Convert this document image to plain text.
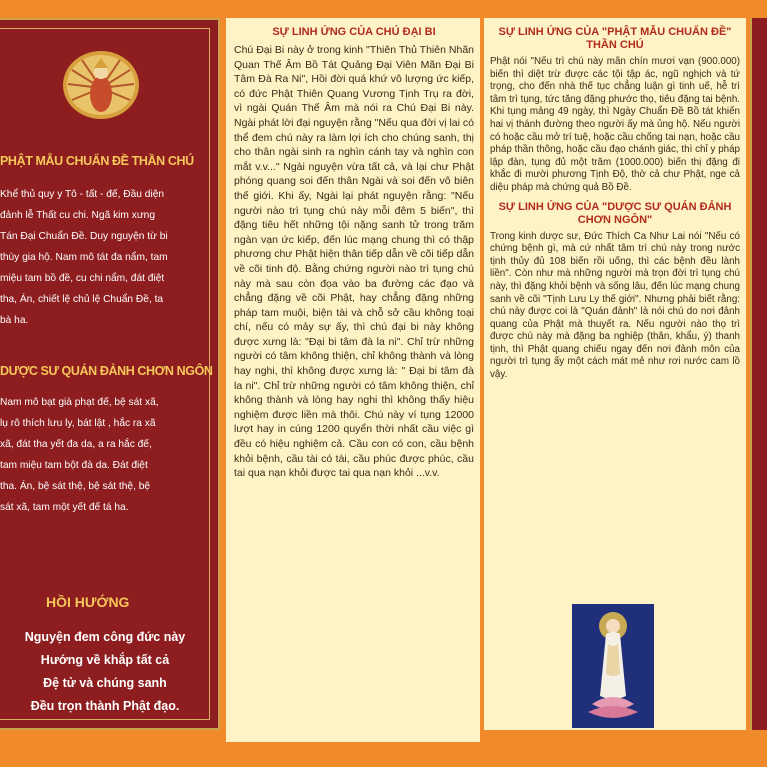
PHẬT MẪU CHUẨN ĐỀ THẦN CHÚ
Khể thủ quy y Tô - tất - đế, Đầu diện
đảnh lễ Thất cu chi. Ngã kim xưng
Tán Đại Chuẩn Đề. Duy nguyện từ bi
thùy gia hộ. Nam mô tát đa nẩm, tam
miệu tam bồ đề, cu chi nẩm, đát điệt
tha, Án, chiết lệ chủ lệ Chuẩn Đề, ta
bà ha.
DƯỢC SƯ QUÁN ĐẢNH CHƠN NGÔN
Nam mô bạt già phạt đế, bệ sát xã,
lụ rô thích lưu ly, bát lật , hắc ra xã
xã, đát tha yết đa da, a ra hắc đế,
tam miệu tam bột đà da. Đát điệt
tha. Án, bệ sát thệ, bệ sát thệ, bệ
sát xã, tam một yết đế tá ha.
HỒI HƯỚNG
Nguyện đem công đức này
Hướng về khắp tất cả
Đệ tử và chúng sanh
Đều trọn thành Phật đạo.
SỰ LINH ỨNG CỦA CHÚ ĐẠI BI

Chú Đại Bi này ở trong kinh "Thiên Thủ Thiên Nhãn Quan Thế Âm Bồ Tát Quảng Đại Viên Mãn Đại Bi Tâm Đà Ra Ni", Hồi đời quá khứ vô lượng ức kiếp, có đức Phật Thiên Quang Vương Tịnh Trụ ra đời, vì ngài Quán Thế Âm mà nói ra Chú Đại Bi này. Ngài phát lời đại nguyện rằng "Nếu qua đời vị lai có thể đem chú này ra làm lợi ích cho chúng sanh, thị cho thân ngài sinh ra nghìn cánh tay và nghìn con mắt v.v..." Ngài nguyện vừa tất cả, và lại chư Phật phóng quang soi đến thân Ngài và soi đến vô biên thế giới. Khi ấy, Ngài lại phát nguyện rằng: "Nếu người nào trì tụng chú này mỗi đêm 5 biến", thì đặng tiêu hết những tội nặng sanh tử trong trăm ngàn vạn ức kiếp, đến lúc mạng chung thì có thập phương chư Phật hiện thân tiếp dẫn về cõi tiếp dẫn về cõi tinh độ. Bằng chứng người nào trì tụng chú này mà sau còn đọa vào ba đường các đạo và chẳng đặng về cõi Phật, hay chẳng đặng những pháp tam muội, biện tài và chỗ sở cầu không toại chí, nếu có mảy sự ấy, thì chú đại bi này không được xưng là: "Đại bi tâm đà la ni". Chỉ trừ những người có tâm không thiện, chỉ không thành và lòng hay nghi, thì không được xưng là: " Đại bi tâm đà la ni". Chỉ trừ những người có tâm không thiện, chỉ không thành và lòng hay nghi thì không thấy hiệu nghiệm được liền mà thôi. Chú này ví tụng 12000 lượt hay in cúng 1200 quyển thời nhất cầu việc gì đều có hiệu nghiệm cả. Cầu con có con, cầu bệnh khỏi bệnh, cầu tài có tài, cầu phúc được phúc, cầu tai qua nạn khỏi được tai qua nạn khỏi ...v.v.

SỰ LINH ỨNG CỦA "PHẬT MẪU CHUẨN ĐỀ" THẦN CHÚ

Phật nói "Nếu trì chú này mãn chín mươi vạn (900.000) biến thì diệt trừ được các tội tập ác, ngũ nghịch và tứ trọng, cho đến nhà thế tục chẳng luận gì tinh uế, hễ trì tâm trì tụng, tức tăng đặng phước thọ, tiêu đặng tai bệnh. Khi tụng mảng 49 ngày, thì Ngày Chuẩn Đề Bồ tát khiến hai vị thánh đường theo người ấy mà ủng hộ. Nếu người có hoặc cầu mở trí tuệ, hoặc cầu chống tai nạn, hoặc cầu pháp thần thông, hoặc cầu đạo chánh giác, thì chỉ y pháp lập đàn, tụng đủ một trăm (1000.000) biến thị đặng đi khắc đi mười phương Tịnh Độ, thờ cả chư Phật, nge cả diệu pháp mà chứng quả Bồ Đề.

SỰ LINH ỨNG CỦA "DƯỢC SƯ QUÁN ĐẢNH CHƠN NGÔN"

Trong kinh dược sư, Đức Thích Ca Như Lai nói "Nếu có chứng bệnh gì, mà cứ nhất tâm trì chú này trong nước tịnh thủy đủ 108 biến rồi uống, thì các bệnh đều lành liền". Còn như mà những người mà trọn đời trì tụng chú này, thì đặng khỏi bệnh và sống lâu, đến lúc mạng chung sanh về cõi "Tịnh Lưu Ly thế giới". Nhưng phải biết rằng: chú này được coi là "Quán đảnh" là nói chú do nơi đảnh quang của Phật mà thuyết ra. Nếu người nào thọ trì được chú này mà đặng ba nghiệp (thân, khẩu, ý) thanh tịnh, thì Phật quang chiếu ngay đến nơi đảnh môn của người trì tụng ấy một cách mát mẻ như rơi nước cam lồ vậy.
